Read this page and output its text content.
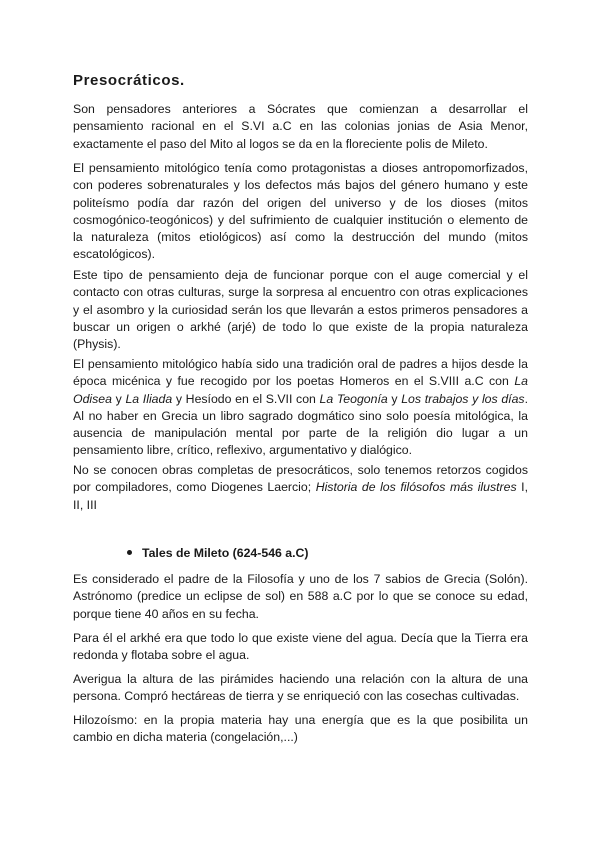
Presocráticos.

Son pensadores anteriores a Sócrates que comienzan a desarrollar el pensamiento racional en el S.VI a.C en las colonias jonias de Asia Menor, exactamente el paso del Mito al logos se da en la floreciente polis de Mileto.

El pensamiento mitológico tenía como protagonistas a dioses antropomorfizados, con poderes sobrenaturales y los defectos más bajos del género humano y este politeísmo podía dar razón del origen del universo y de los dioses (mitos cosmogónico-teogónicos) y del sufrimiento de cualquier institución o elemento de la naturaleza (mitos etiológicos) así como la destrucción del mundo (mitos escatológicos).

Este tipo de pensamiento deja de funcionar porque con el auge comercial y el contacto con otras culturas, surge la sorpresa al encuentro con otras explicaciones y el asombro y la curiosidad serán los que llevarán a estos primeros pensadores a buscar un origen o arkhé (arjé) de todo lo que existe de la propia naturaleza (Physis).

El pensamiento mitológico había sido una tradición oral de padres a hijos desde la época micénica y fue recogido por los poetas Homeros en el S.VIII a.C con La Odisea y La Iliada y Hesíodo en el S.VII con La Teogonía y Los trabajos y los días. Al no haber en Grecia un libro sagrado dogmático sino solo poesía mitológica, la ausencia de manipulación mental por parte de la religión dio lugar a un pensamiento libre, crítico, reflexivo, argumentativo y dialógico.

No se conocen obras completas de presocráticos, solo tenemos retorzos cogidos por compiladores, como Diogenes Laercio; Historia de los filósofos más ilustres I, II, III

Tales de Mileto (624-546 a.C)

Es considerado el padre de la Filosofía y uno de los 7 sabios de Grecia (Solón). Astrónomo (predice un eclipse de sol) en 588 a.C por lo que se conoce su edad, porque tiene 40 años en su fecha.

Para él el arkhé era que todo lo que existe viene del agua. Decía que la Tierra era redonda y flotaba sobre el agua.

Averigua la altura de las pirámides haciendo una relación con la altura de una persona. Compró hectáreas de tierra y se enriqueció con las cosechas cultivadas.

Hilozoísmo: en la propia materia hay una energía que es la que posibilita un cambio en dicha materia (congelación,...)
